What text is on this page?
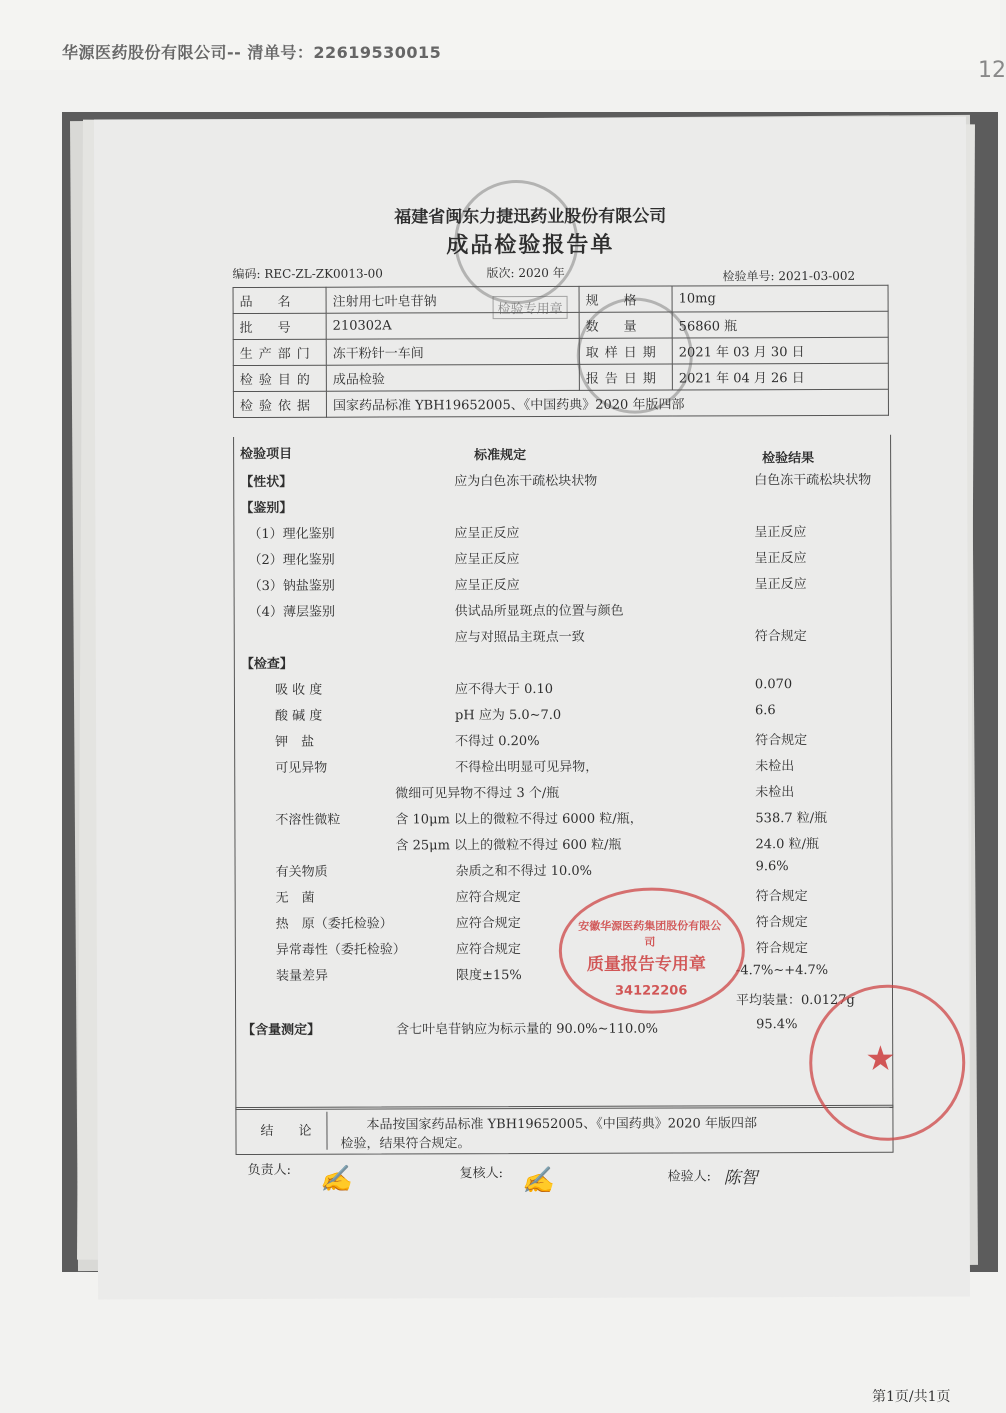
华源医药股份有限公司-- 清单号：22619530015
12
福建省闽东力捷迅药业股份有限公司
成品检验报告单
编码: REC-ZL-ZK0013-00	版次: 2020 年	检验单号: 2021-03-002
品　名	注射用七叶皂苷钠	规　格	10mg
批　号	210302A	数　量	56860 瓶
生产部门	冻干粉针一车间	取样日期	2021 年 03 月 30 日
检验目的	成品检验	报告日期	2021 年 04 月 26 日
检验依据	国家药品标准 YBH19652005、《中国药典》2020 年版四部		
检验专用章
检验项目	标准规定	检验结果
【性状】	应为白色冻干疏松块状物	白色冻干疏松块状物
【鉴别】
（1）理化鉴别	应呈正反应	呈正反应
（2）理化鉴别	应呈正反应	呈正反应
（3）钠盐鉴别	应呈正反应	呈正反应
（4）薄层鉴别	供试品所显斑点的位置与颜色
应与对照品主斑点一致	符合规定
【检查】
吸 收 度	应不得大于 0.10	0.070
酸 碱 度	pH 应为 5.0~7.0	6.6
钾　盐	不得过 0.20%	符合规定
可见异物	不得检出明显可见异物，	未检出
微细可见异物不得过 3 个/瓶	未检出
不溶性微粒	含 10μm 以上的微粒不得过 6000 粒/瓶，	538.7 粒/瓶
含 25μm 以上的微粒不得过 600 粒/瓶	24.0 粒/瓶
有关物质	杂质之和不得过 10.0%	9.6%
无　菌	应符合规定	符合规定
热　原（委托检验）	应符合规定	符合规定
异常毒性（委托检验）	应符合规定	符合规定
装量差异	限度±15%	-4.7%~+4.7%
平均装量：0.0127g
【含量测定】	含七叶皂苷钠应为标示量的 90.0%~110.0%	95.4%
结　论	本品按国家药品标准 YBH19652005、《中国药典》2020 年版四部
检验，结果符合规定。
负责人: ✍	复核人: ✍	检验人: 陈智
安徽华源医药集团股份有限公司
质量报告专用章
34122206
★
第1页/共1页
